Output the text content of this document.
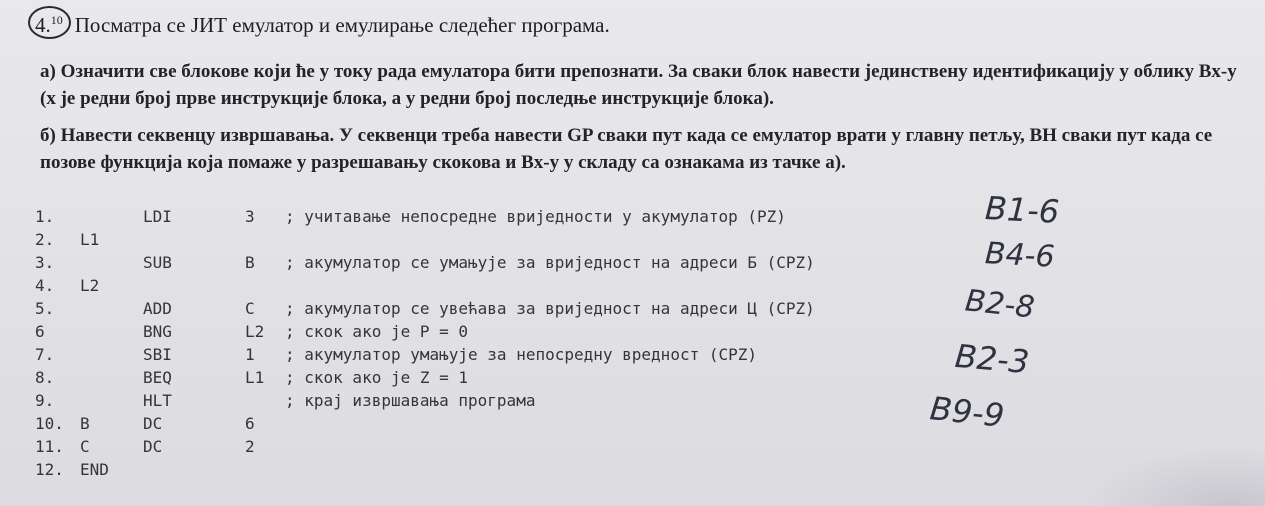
4.10 Посматра се ЈИТ емулатор и емулирање следећег програма.
а) Означити све блокове који ће у току рада емулатора бити препознати. За сваки блок навести јединствену идентификацију у облику Bx-y (x је редни број прве инструкције блока, а у редни број последње инструкције блока).
б) Навести секвенцу извршавања. У секвенци треба навести GP сваки пут када се емулатор врати у главну петљу, BH сваки пут када се позове функција која помаже у разрешавању скокова и Bx-y у складу са ознакама из тачке а).
1.	LDI	3 ; учитавање непосредне вриједности у акумулатор (PZ)
2. L1
3.	SUB	B ; акумулатор се умањује за вриједност на адреси Б (CPZ)
4. L2
5.	ADD	C ; акумулатор се увећава за вриједност на адреси Ц (CPZ)
6	BNG	L2 ; скок ако је P = 0
7.	SBI	1 ; акумулатор умањује за непосредну вредност (CPZ)
8.	BEQ	L1 ; скок ако је Z = 1
9.	HLT	; крај извршавања програма
10. B	DC	6
11. C	DC	2
12. END
B1-6
B4-6
B2-8
B2-3
B9-9
